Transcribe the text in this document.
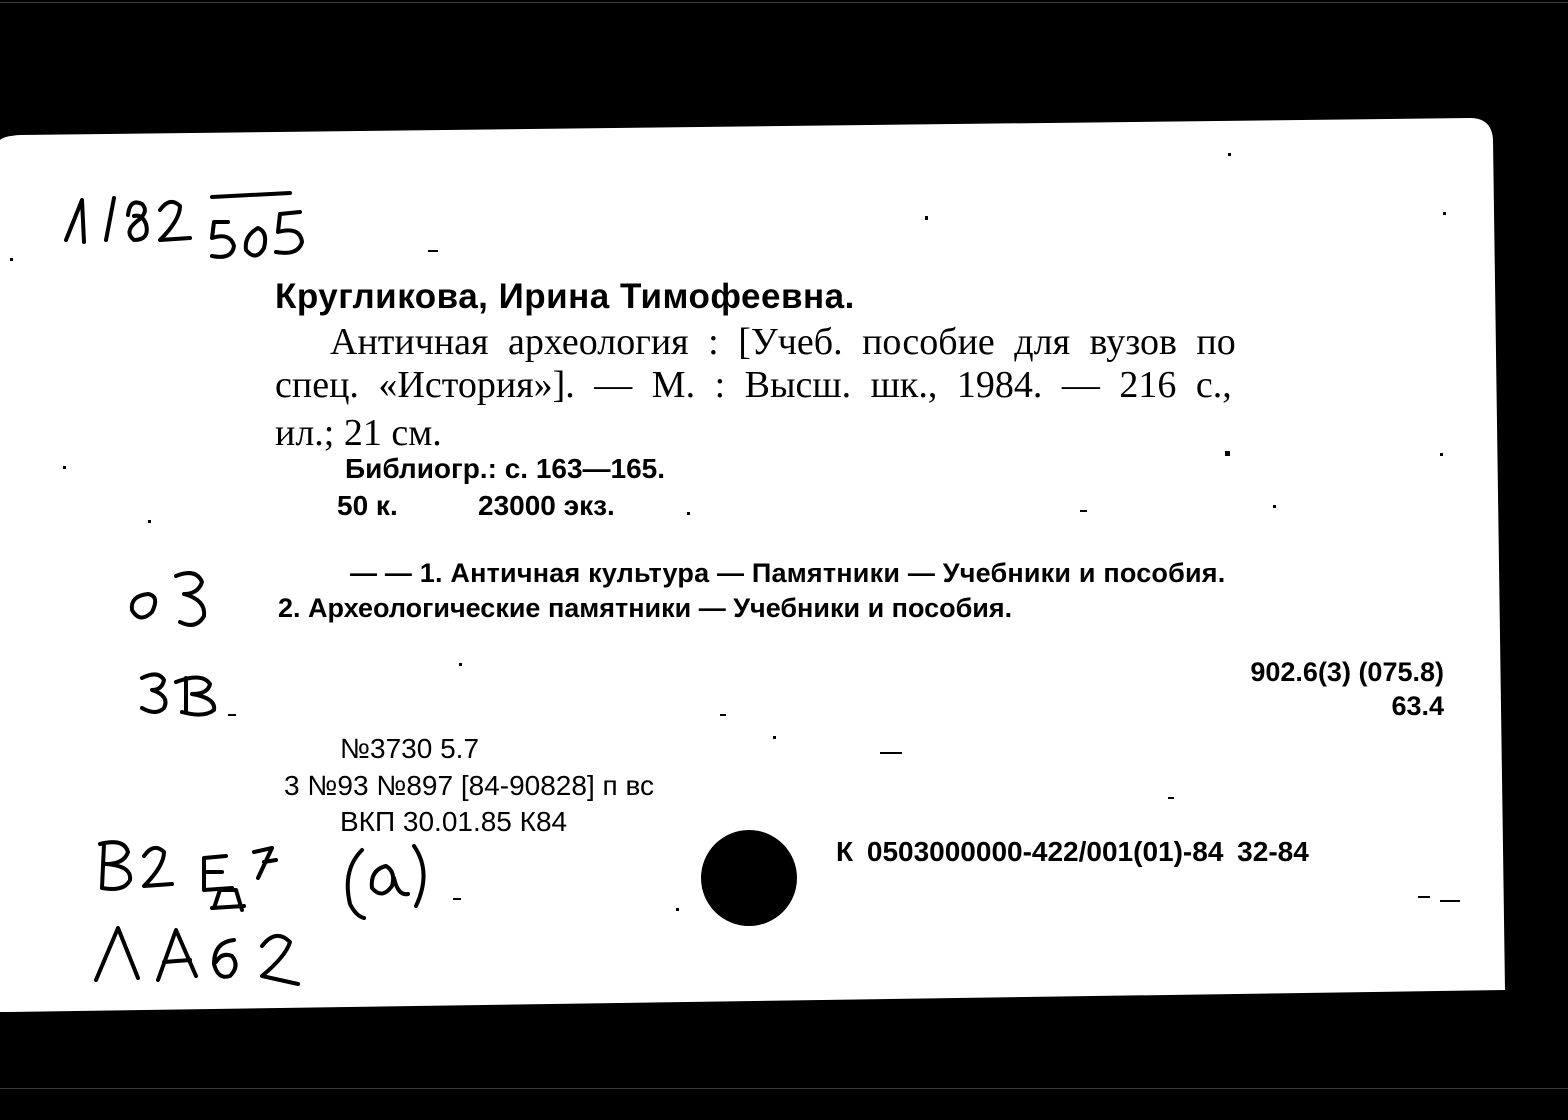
Кругликова, Ирина Тимофеевна.
Античная археология : [Учеб. пособие для вузов по
спец. «История»]. — М. : Высш. шк., 1984. — 216 с.,
ил.; 21 см.
Библиогр.: с. 163—165.
50 к.	23000 экз.
— — 1. Античная культура — Памятники — Учебники и пособия.
2. Археологические памятники — Учебники и пособия.
902.6(3) (075.8)
63.4
№3730 5.7
3 №93 №897 [84-90828] п вс
ВКП 30.01.85 К84
К 0503000000-422/001(01)-84 32-84
